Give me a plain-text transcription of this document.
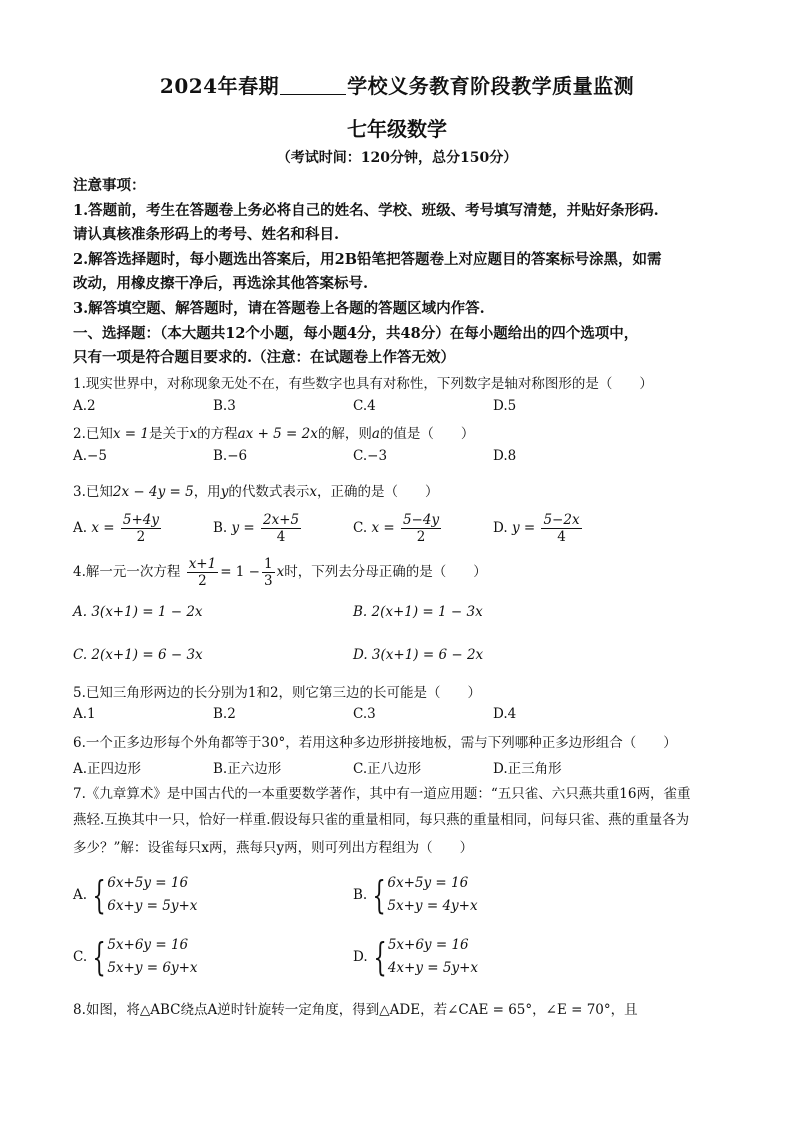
2024年春期	学校义务教育阶段教学质量监测
七年级数学
（考试时间：120分钟，总分150分）
注意事项：
1.答题前，考生在答题卷上务必将自己的姓名、学校、班级、考号填写清楚，并贴好条形码.
请认真核准条形码上的考号、姓名和科目.
2.解答选择题时，每小题选出答案后，用2B铅笔把答题卷上对应题目的答案标号涂黑，如需
改动，用橡皮擦干净后，再选涂其他答案标号.
3.解答填空题、解答题时，请在答题卷上各题的答题区域内作答.
一、选择题：（本大题共12个小题，每小题4分，共48分）在每小题给出的四个选项中，
只有一项是符合题目要求的.（注意：在试题卷上作答无效）
1.现实世界中，对称现象无处不在，有些数字也具有对称性，下列数字是轴对称图形的是（　　）
A.2	B.3	C.4	D.5
2.已知x = 1是关于x的方程ax + 5 = 2x的解，则a的值是（　　）
A.−5	B.−6	C.−3	D.8
3.已知2x − 4y = 5，用y的代数式表示x，正确的是（　　）
A. $x = \frac{5+4y}{2}$	B. $y = \frac{2x+5}{4}$	C. $x = \frac{5-4y}{2}$	D. $y = \frac{5-2x}{4}$
4.解一元一次方程 $\frac{x+1}{2} = 1 - \frac{1}{3}$ x时，下列去分母正确的是（　　）
A. 3(x+1) = 1 − 2x	B. 2(x+1) = 1 − 3x
C. 2(x+1) = 6 − 3x	D. 3(x+1) = 6 − 2x
5.已知三角形两边的长分别为1和2，则它第三边的长可能是（　　）
A.1	B.2	C.3	D.4
6.一个正多边形每个外角都等于30°，若用这种多边形拼接地板，需与下列哪种正多边形组合（　　）
A.正四边形	B.正六边形	C.正八边形	D.正三角形
7.《九章算术》是中国古代的一本重要数学著作，其中有一道应用题：“五只雀、六只燕共重16两，雀重
燕轻.互换其中一只，恰好一样重.假设每只雀的重量相同，每只燕的重量相同，问每只雀、燕的重量各为
多少？”解：设雀每只x两，燕每只y两，则可列出方程组为（　　）
A. { 6x+5y = 16
6x+y = 5y+x
B. { 6x+5y = 16
5x+y = 4y+x
C. { 5x+6y = 16
5x+y = 6y+x
D. { 5x+6y = 16
4x+y = 5y+x
8.如图，将△ABC绕点A逆时针旋转一定角度，得到△ADE，若∠CAE = 65°，∠E = 70°，且
